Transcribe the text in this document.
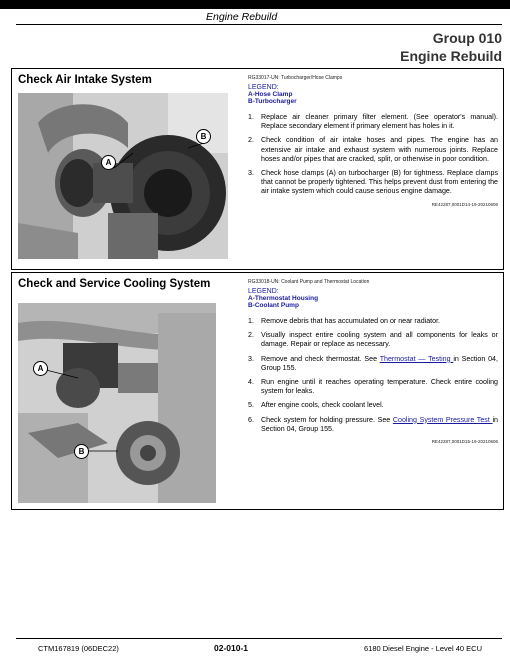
Engine Rebuild
Group 010
Engine Rebuild
Check Air Intake System
A
B
RG33017-UN: Turbocharger/Hose Clamps
LEGEND:
A-Hose Clamp
B-Turbocharger
1. Replace air cleaner primary filter element. (See operator's manual). Replace secondary element if primary element has holes in it.
2. Check condition of air intake hoses and pipes. The engine has an extensive air intake and exhaust system with numerous joints. Replace hoses and/or pipes that are cracked, split, or otherwise in poor condition.
3. Check hose clamps (A) on turbocharger (B) for tightness. Replace clamps that cannot be properly tightened. This helps prevent dust from entering the air intake system which could cause serious engine damage.
RE42287,0001D14-19-20210606
Check and Service Cooling System
A
B
RG33018-UN: Coolant Pump and Thermostat Location
LEGEND:
A-Thermostat Housing
B-Coolant Pump
1. Remove debris that has accumulated on or near radiator.
2. Visually inspect entire cooling system and all components for leaks or damage. Repair or replace as necessary.
3. Remove and check thermostat. See Thermostat — Testing in Section 04, Group 155.
4. Run engine until it reaches operating temperature. Check entire cooling system for leaks.
5. After engine cools, check coolant level.
6. Check system for holding pressure. See Cooling System Pressure Test in Section 04, Group 155.
RE42287,0001D15-19-20210606
CTM167819 (06DEC22)	02-010-1	6180 Diesel Engine - Level 40 ECU
